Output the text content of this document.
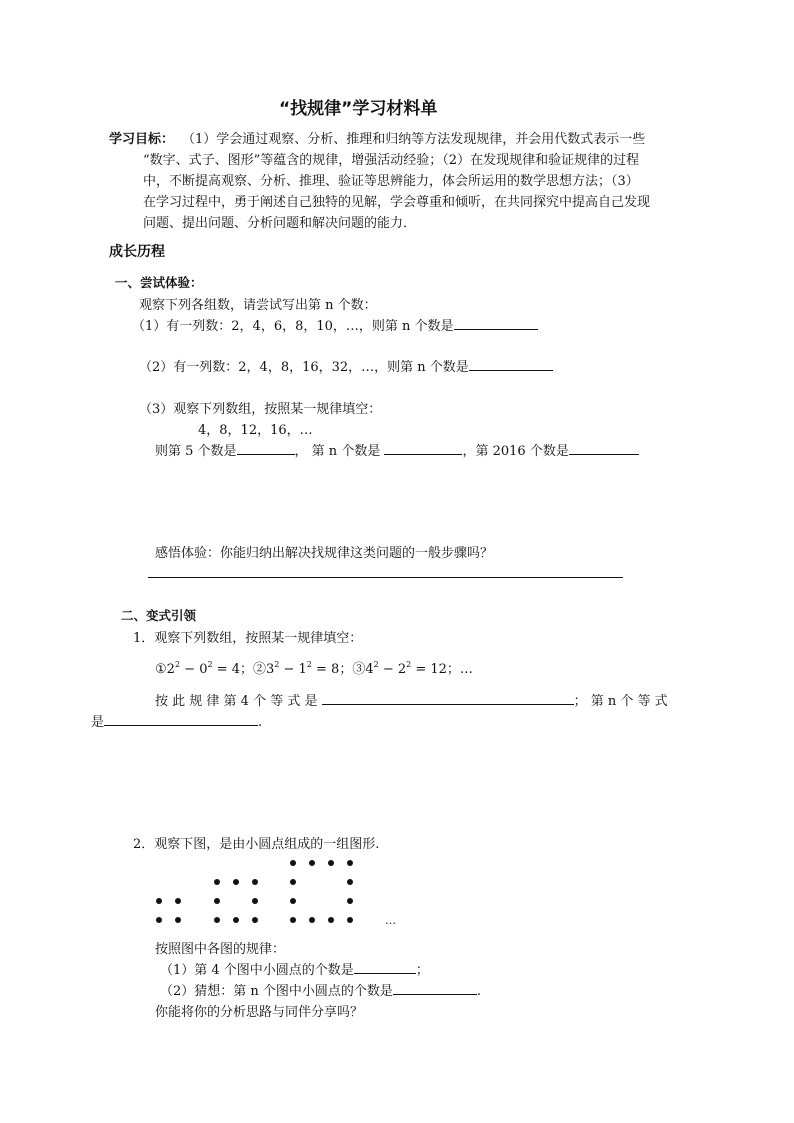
“找规律”学习材料单
学习目标： （1）学会通过观察、分析、推理和归纳等方法发现规律，并会用代数式表示一些
“数字、式子、图形”等蕴含的规律，增强活动经验；（2）在发现规律和验证规律的过程
中，不断提高观察、分析、推理、验证等思辨能力，体会所运用的数学思想方法；（3）
在学习过程中，勇于阐述自己独特的见解，学会尊重和倾听，在共同探究中提高自己发现
问题、提出问题、分析问题和解决问题的能力．
成长历程
一、尝试体验：
观察下列各组数，请尝试写出第 n 个数：
（1）有一列数：2，4，6，8，10，…，则第 n 个数是
（2）有一列数：2，4，8，16，32，…，则第 n 个数是
（3）观察下列数组，按照某一规律填空：
4，8，12，16，…
则第 5 个数是	， 第 n 个数是	，第 2016 个数是
感悟体验：你能归纳出解决找规律这类问题的一般步骤吗？
二、变式引领
1．观察下列数组，按照某一规律填空：
$①2^2 - 0^2 = 4$；$②3^2 - 1^2 = 8$；$③4^2 - 2^2 = 12$；…
按 此 规 律 第 4 个 等 式 是	； 第 n 个 等 式
是	.
2．观察下图，是由小圆点组成的一组图形.
…
按照图中各图的规律：
（1）第 4 个图中小圆点的个数是	；
（2）猜想：第 n 个图中小圆点的个数是	.
你能将你的分析思路与同伴分享吗？
